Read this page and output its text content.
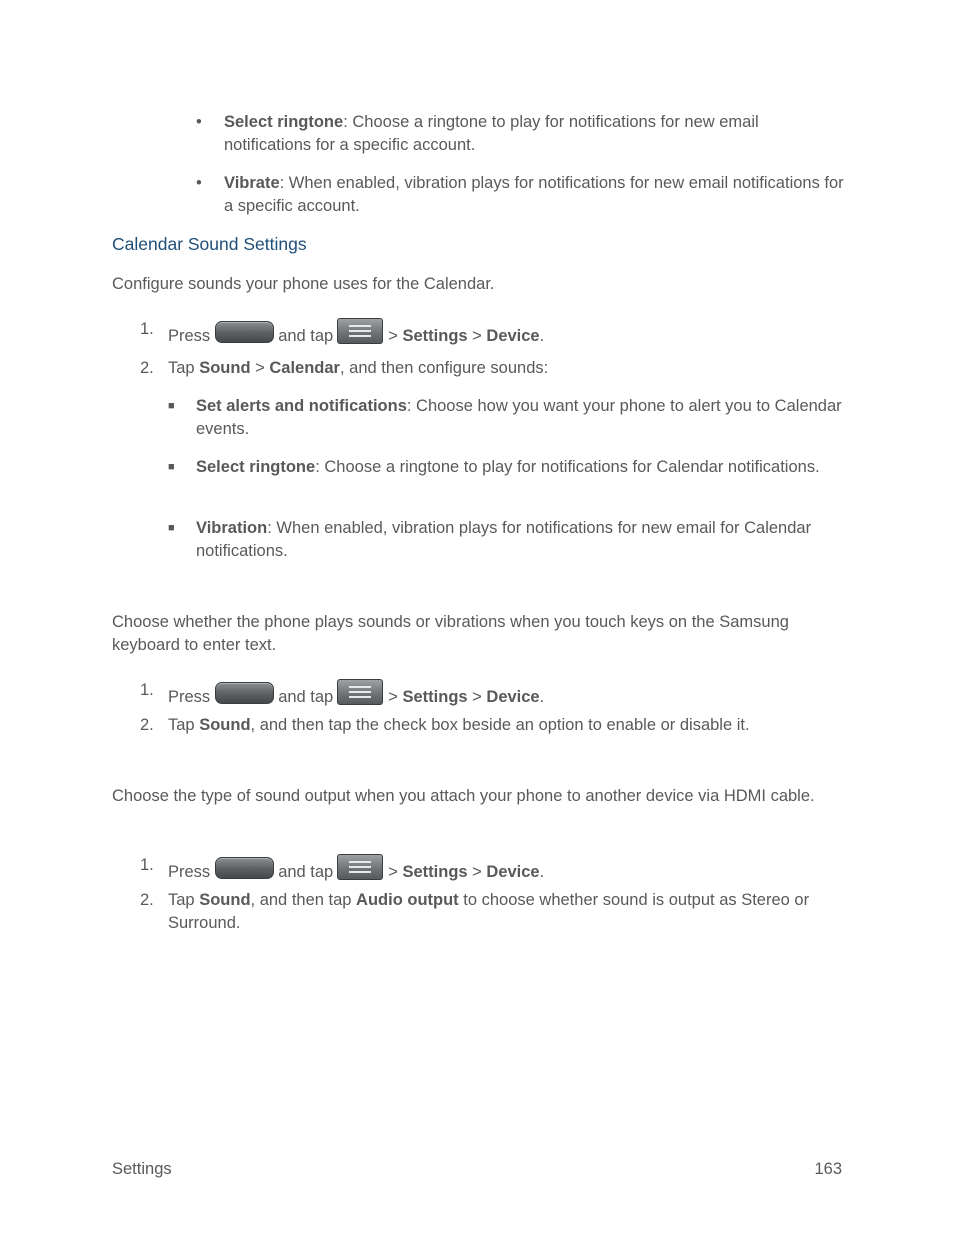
• Select ringtone: Choose a ringtone to play for notifications for new email notifications for a specific account.
• Vibrate: When enabled, vibration plays for notifications for new email notifications for a specific account.
Calendar Sound Settings
Configure sounds your phone uses for the Calendar.
1. Press	and tap	> Settings > Device.
2. Tap Sound > Calendar, and then configure sounds:
■ Set alerts and notifications: Choose how you want your phone to alert you to Calendar events.
■ Select ringtone: Choose a ringtone to play for notifications for Calendar notifications.
■ Vibration: When enabled, vibration plays for notifications for new email for Calendar notifications.
Choose whether the phone plays sounds or vibrations when you touch keys on the Samsung keyboard to enter text.
1. Press	and tap	> Settings > Device.
2. Tap Sound, and then tap the check box beside an option to enable or disable it.
Choose the type of sound output when you attach your phone to another device via HDMI cable.
1. Press	and tap	> Settings > Device.
2. Tap Sound, and then tap Audio output to choose whether sound is output as Stereo or Surround.
Settings	163
